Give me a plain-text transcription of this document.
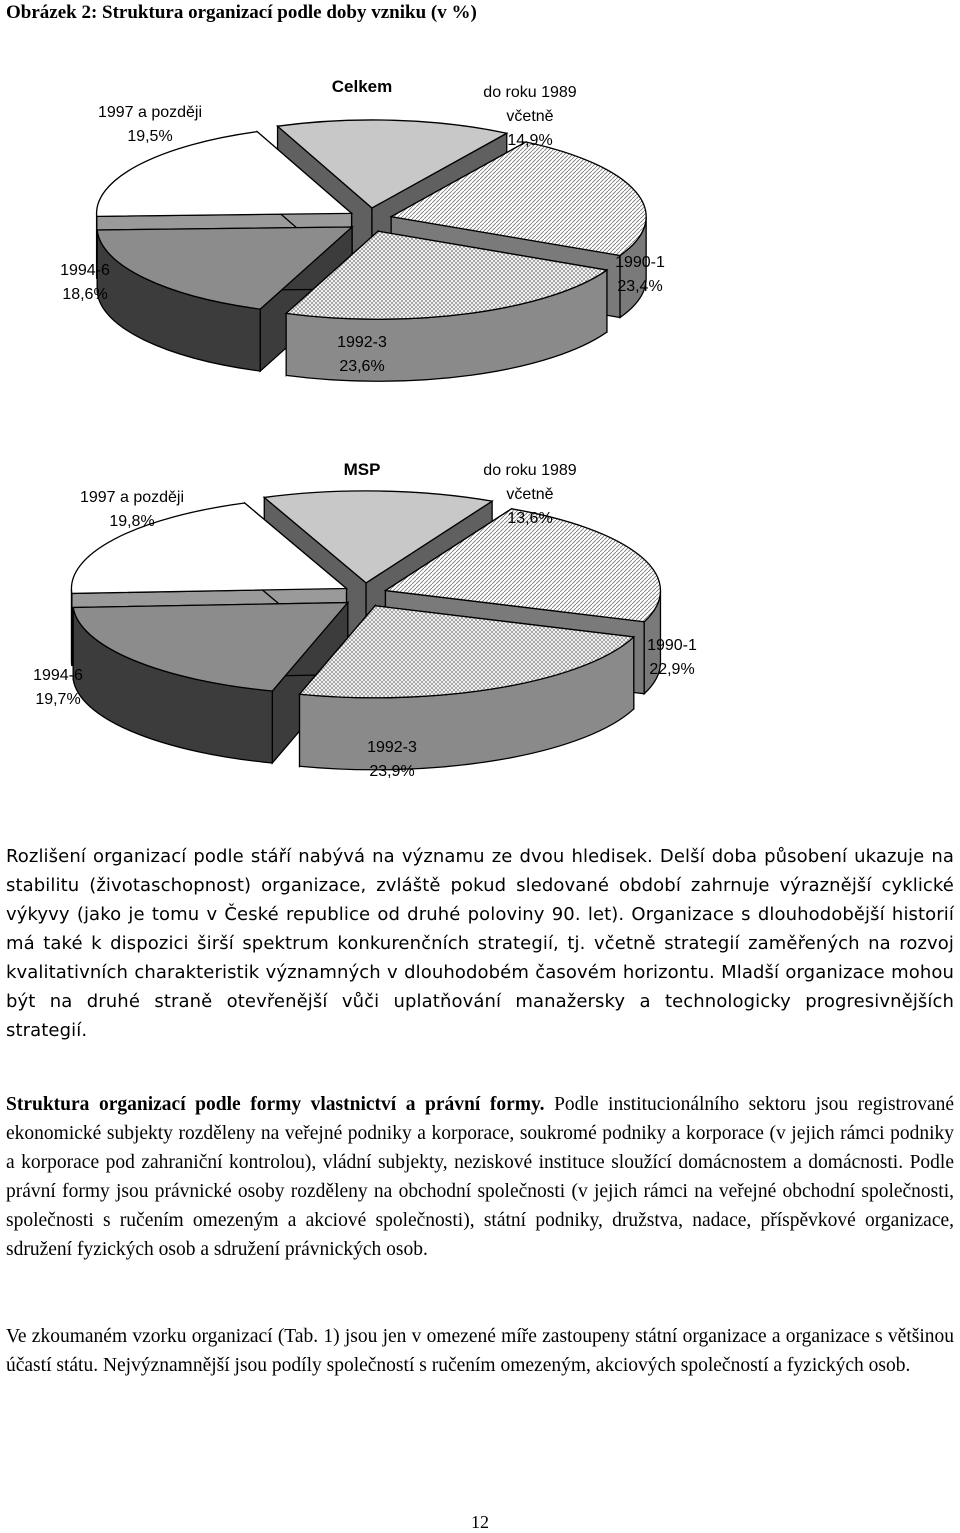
Obrázek 2: Struktura organizací podle doby vzniku (v %)
Celkem	do roku 1989 včetně 14,9%
1990-1 23,4%
1992-3 23,6%
1994-6 18,6%
1997 a později 19,5%
MSP	do roku 1989 včetně 13,6%
1990-1 22,9%
1992-3 23,9%
1994-6 19,7%
1997 a později 19,8%

Rozlišení organizací podle stáří nabývá na významu ze dvou hledisek. Delší doba působení ukazuje na stabilitu (životaschopnost) organizace, zvláště pokud sledované období zahrnuje výraznější cyklické výkyvy (jako je tomu v České republice od druhé poloviny 90. let). Organizace s dlouhodobější historií má také k dispozici širší spektrum konkurenčních strategií, tj. včetně strategií zaměřených na rozvoj kvalitativních charakteristik významných v dlouhodobém časovém horizontu. Mladší organizace mohou být na druhé straně otevřenější vůči uplatňování manažersky a technologicky progresivnějších strategií.

Struktura organizací podle formy vlastnictví a právní formy. Podle institucionálního sektoru jsou registrované ekonomické subjekty rozděleny na veřejné podniky a korporace, soukromé podniky a korporace (v jejich rámci podniky a korporace pod zahraniční kontrolou), vládní subjekty, neziskové instituce sloužící domácnostem a domácnosti. Podle právní formy jsou právnické osoby rozděleny na obchodní společnosti (v jejich rámci na veřejné obchodní společnosti, společnosti s ručením omezeným a akciové společnosti), státní podniky, družstva, nadace, příspěvkové organizace, sdružení fyzických osob a sdružení právnických osob.

Ve zkoumaném vzorku organizací (Tab. 1) jsou jen v omezené míře zastoupeny státní organizace a organizace s většinou účastí státu. Nejvýznamnější jsou podíly společností s ručením omezeným, akciových společností a fyzických osob.

12
